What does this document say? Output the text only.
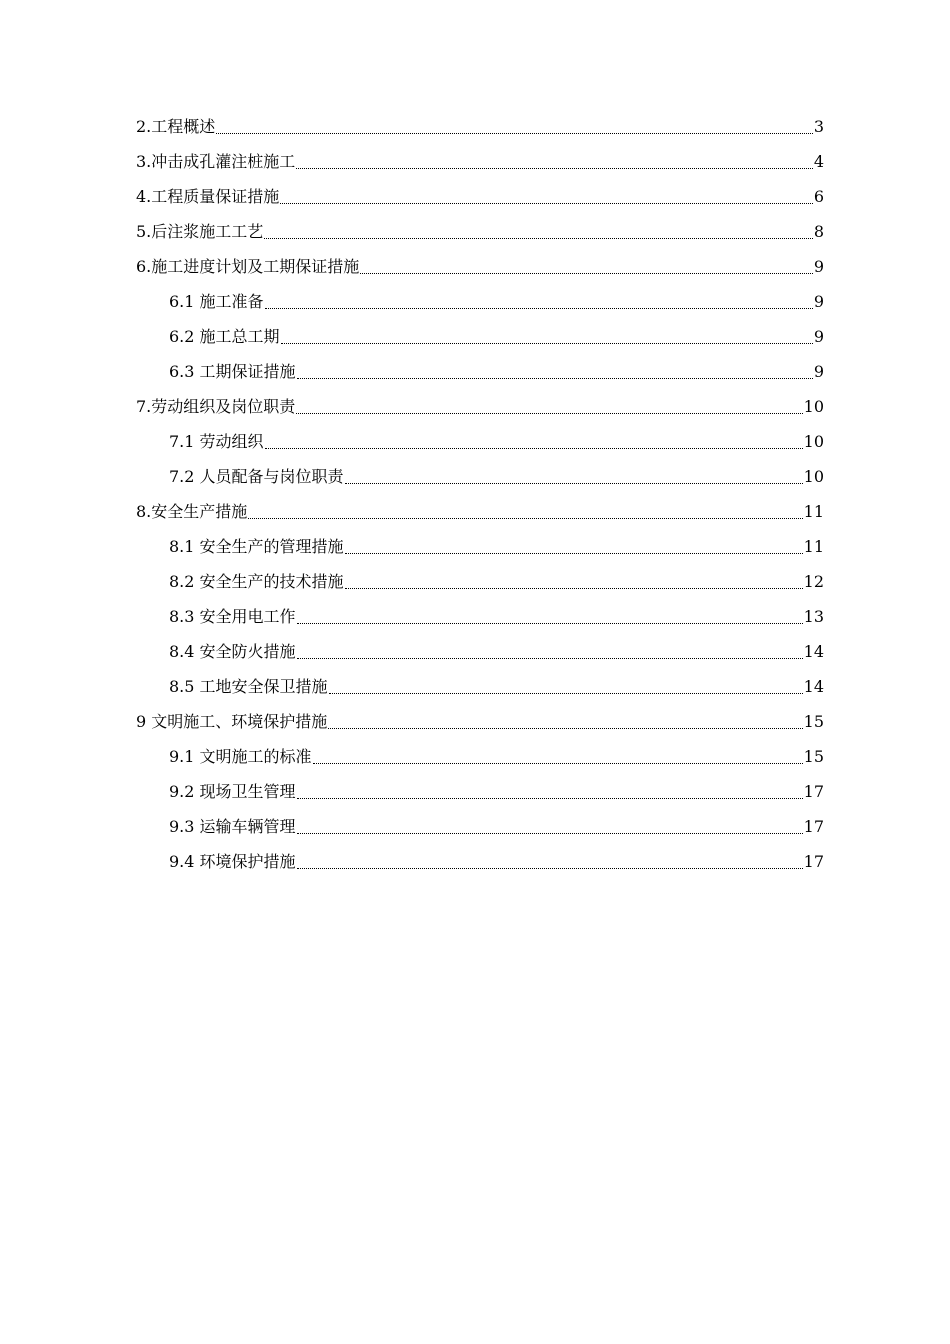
2.工程概述	3
3.冲击成孔灌注桩施工	4
4.工程质量保证措施	6
5.后注浆施工工艺	8
6.施工进度计划及工期保证措施	9
6.1 施工准备	9
6.2 施工总工期	9
6.3 工期保证措施	9
7.劳动组织及岗位职责	10
7.1 劳动组织	10
7.2 人员配备与岗位职责	10
8.安全生产措施	11
8.1 安全生产的管理措施	11
8.2 安全生产的技术措施	12
8.3 安全用电工作	13
8.4 安全防火措施	14
8.5 工地安全保卫措施	14
9 文明施工、环境保护措施	15
9.1 文明施工的标准	15
9.2 现场卫生管理	17
9.3 运输车辆管理	17
9.4 环境保护措施	17
